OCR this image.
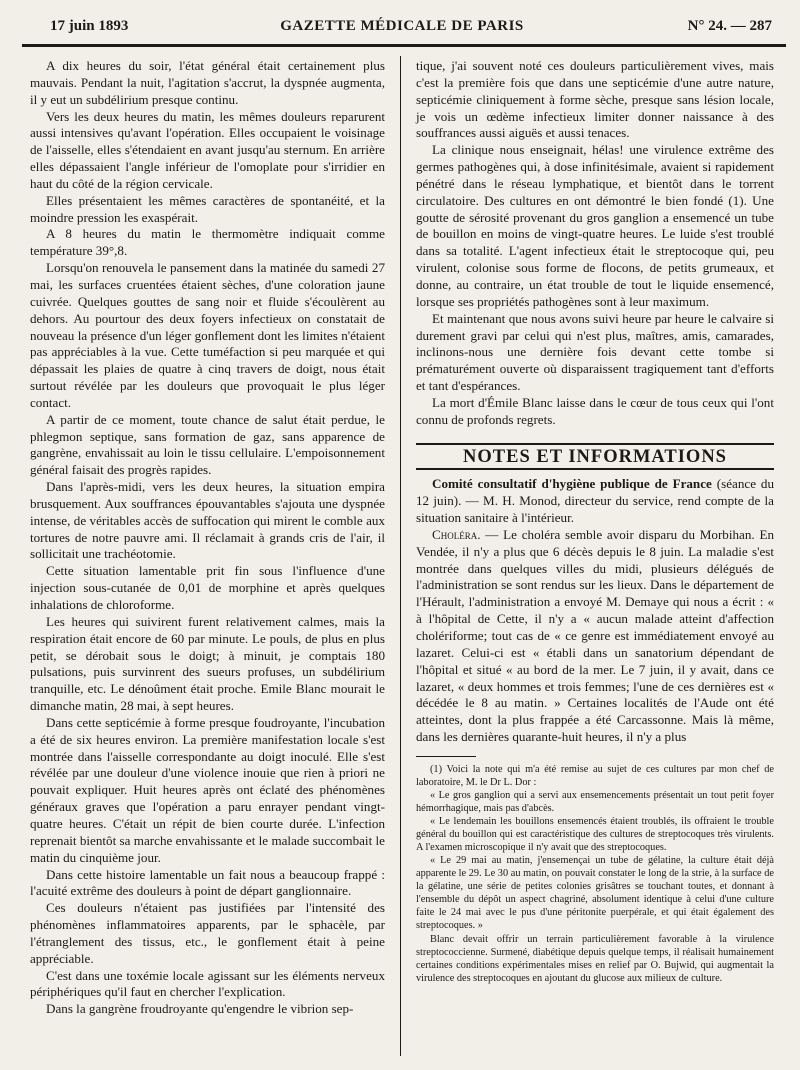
17 juin 1893	GAZETTE MÉDICALE DE PARIS	N° 24. — 287

A dix heures du soir, l'état général était certainement plus mauvais. Pendant la nuit, l'agitation s'accrut, la dyspnée augmenta, il y eut un subdélirium presque continu.

Vers les deux heures du matin, les mêmes douleurs reparurent aussi intensives qu'avant l'opération. Elles occupaient le voisinage de l'aisselle, elles s'étendaient en avant jusqu'au sternum. En arrière elles dépassaient l'angle inférieur de l'omoplate pour s'irridier en haut du côté de la région cervicale.

Elles présentaient les mêmes caractères de spontanéité, et la moindre pression les exaspérait.

A 8 heures du matin le thermomètre indiquait comme température 39°,8.

Lorsqu'on renouvela le pansement dans la matinée du samedi 27 mai, les surfaces cruentées étaient sèches, d'une coloration jaune cuivrée. Quelques gouttes de sang noir et fluide s'écoulèrent au dehors. Au pourtour des deux foyers infectieux on constatait de nouveau la présence d'un léger gonflement dont les limites n'étaient pas appréciables à la vue. Cette tuméfaction si peu marquée et qui dépassait les plaies de quatre à cinq travers de doigt, nous était surtout révélée par les douleurs que provoquait le plus léger contact.

A partir de ce moment, toute chance de salut était perdue, le phlegmon septique, sans formation de gaz, sans apparence de gangrène, envahissait au loin le tissu cellulaire. L'empoisonnement général faisait des progrès rapides.

Dans l'après-midi, vers les deux heures, la situation empira brusquement. Aux souffrances épouvantables s'ajouta une dyspnée intense, de véritables accès de suffocation qui mirent le comble aux tortures de notre pauvre ami. Il réclamait à grands cris de l'air, il sollicitait une trachéotomie.

Cette situation lamentable prit fin sous l'influence d'une injection sous-cutanée de 0,01 de morphine et après quelques inhalations de chloroforme.

Les heures qui suivirent furent relativement calmes, mais la respiration était encore de 60 par minute. Le pouls, de plus en plus petit, se dérobait sous le doigt; à minuit, je comptais 180 pulsations, puis survinrent des sueurs profuses, un subdélirium tranquille, etc. Le dénoûment était proche. Emile Blanc mourait le dimanche matin, 28 mai, à sept heures.

Dans cette septicémie à forme presque foudroyante, l'incubation a été de six heures environ. La première manifestation locale s'est montrée dans l'aisselle correspondante au doigt inoculé. Elle s'est révélée par une douleur d'une violence inouie que rien à priori ne pouvait expliquer. Huit heures après ont éclaté des phénomènes généraux graves que l'opération a paru enrayer pendant vingt-quatre heures. C'était un répit de bien courte durée. L'infection reprenait bientôt sa marche envahissante et le malade succombait le matin du cinquième jour.

Dans cette histoire lamentable un fait nous a beaucoup frappé : l'acuité extrême des douleurs à point de départ ganglionnaire.

Ces douleurs n'étaient pas justifiées par l'intensité des phénomènes inflammatoires apparents, par le sphacèle, par l'étranglement des tissus, etc., le gonflement était à peine appréciable.

C'est dans une toxémie locale agissant sur les éléments nerveux périphériques qu'il faut en chercher l'explication.

Dans la gangrène froudroyante qu'engendre le vibrion sep-

tique, j'ai souvent noté ces douleurs particulièrement vives, mais c'est la première fois que dans une septicémie d'une autre nature, septicémie cliniquement à forme sèche, presque sans lésion locale, je vois un œdème infectieux limiter donner naissance à des souffrances aussi aiguës et aussi tenaces.

La clinique nous enseignait, hélas! une virulence extrême des germes pathogènes qui, à dose infinitésimale, avaient si rapidement pénétré dans le réseau lymphatique, et bientôt dans le torrent circulatoire. Des cultures en ont démontré le bien fondé (1). Une goutte de sérosité provenant du gros ganglion a ensemencé un tube de bouillon en moins de vingt-quatre heures. Le luide s'est troublé dans sa totalité. L'agent infectieux était le streptocoque qui, peu virulent, colonise sous forme de flocons, de petits grumeaux, et donne, au contraire, un état trouble de tout le liquide ensemencé, lorsque ses propriétés pathogènes sont à leur maximum.

Et maintenant que nous avons suivi heure par heure le calvaire si durement gravi par celui qui n'est plus, maîtres, amis, camarades, inclinons-nous une dernière fois devant cette tombe si prématurément ouverte où disparaissent tragiquement tant d'efforts et tant d'espérances.

La mort d'Émile Blanc laisse dans le cœur de tous ceux qui l'ont connu de profonds regrets.

NOTES ET INFORMATIONS

Comité consultatif d'hygiène publique de France (séance du 12 juin). — M. H. Monod, directeur du service, rend compte de la situation sanitaire à l'intérieur.

Choléra. — Le choléra semble avoir disparu du Morbihan. En Vendée, il n'y a plus que 6 décès depuis le 8 juin. La maladie s'est montrée dans quelques villes du midi, plusieurs délégués de l'administration se sont rendus sur les lieux. Dans le département de l'Hérault, l'administration a envoyé M. Demaye qui nous a écrit : « à l'hôpital de Cette, il n'y a « aucun malade atteint d'affection cholériforme; tout cas de « ce genre est immédiatement envoyé au lazaret. Celui-ci est « établi dans un sanatorium dépendant de l'hôpital et situé « au bord de la mer. Le 7 juin, il y avait, dans ce lazaret, « deux hommes et trois femmes; l'une de ces dernières est « décédée le 8 au matin. » Certaines localités de l'Aude ont été atteintes, dont la plus frappée a été Carcassonne. Mais là même, dans les dernières quarante-huit heures, il n'y a plus

(1) Voici la note qui m'a été remise au sujet de ces cultures par mon chef de laboratoire, M. le Dr L. Dor :

« Le gros ganglion qui a servi aux ensemencements présentait un tout petit foyer hémorrhagique, mais pas d'abcès.

« Le lendemain les bouillons ensemencés étaient troublés, ils offraient le trouble général du bouillon qui est caractéristique des cultures de streptocoques très virulents. A l'examen microscopique il n'y avait que des streptocoques.

« Le 29 mai au matin, j'ensemençai un tube de gélatine, la culture était déjà apparente le 29. Le 30 au matin, on pouvait constater le long de la strie, à la surface de la gélatine, une série de petites colonies grisâtres se touchant toutes, et donnant à l'ensemble du dépôt un aspect chagriné, absolument identique à celui d'une culture faite le 24 mai avec le pus d'une péritonite puerpérale, et qui était également des streptocoques. »

Blanc devait offrir un terrain particulièrement favorable à la virulence streptococcienne. Surmené, diabétique depuis quelque temps, il réalisait humainement certaines conditions expérimentales mises en relief par O. Bujwid, qui augmentait la virulence des streptocoques en ajoutant du glucose aux milieux de culture.
